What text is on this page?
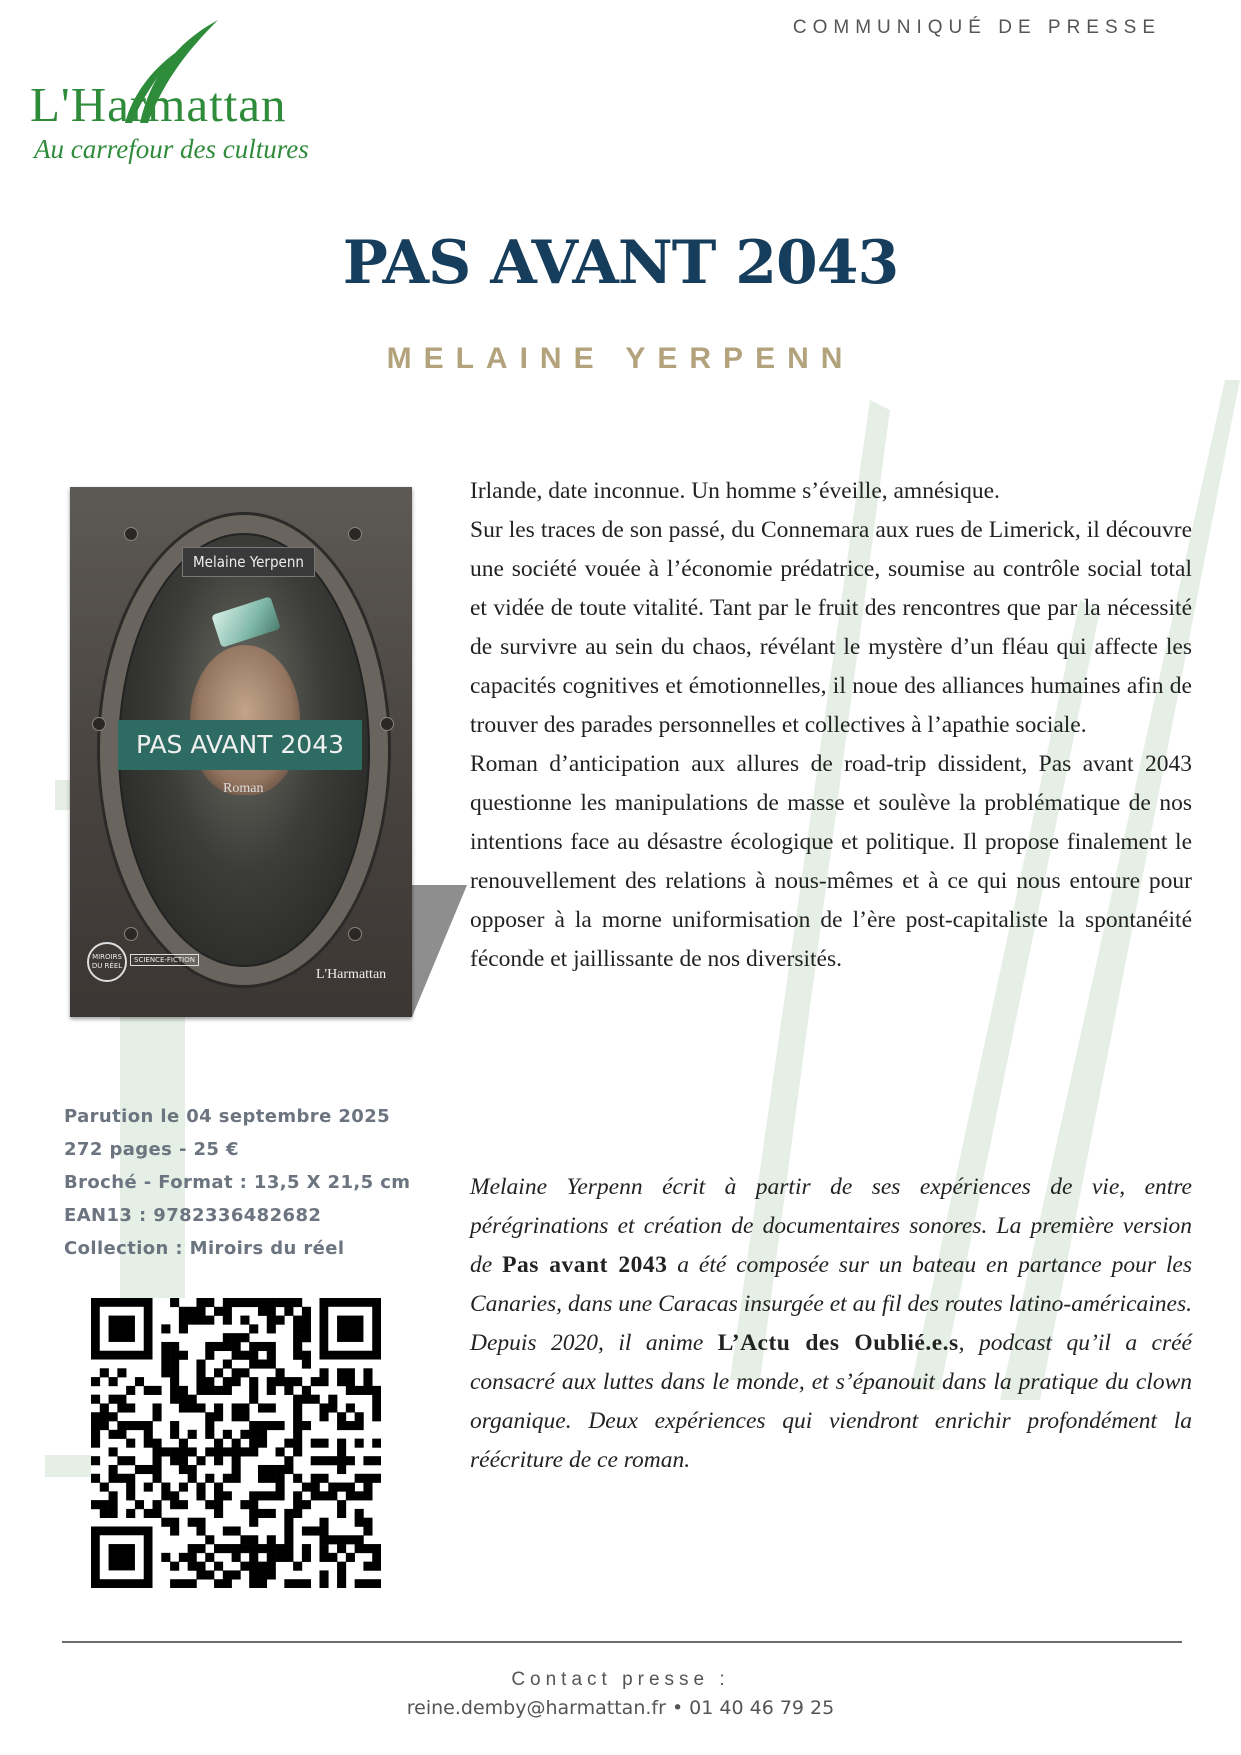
L'Harmattan
Au carrefour des cultures
COMMUNIQUÉ DE PRESSE
PAS AVANT 2043
MELAINE YERPENN
Melaine Yerpenn
PAS AVANT 2043
Roman
MIROIRS DU RÉEL
SCIENCE-FICTION
L'Harmattan
Parution le 04 septembre 2025
272 pages - 25 €
Broché - Format : 13,5 X 21,5 cm
EAN13 : 9782336482682
Collection : Miroirs du réel

Irlande, date inconnue. Un homme s’éveille, amnésique.

Sur les traces de son passé, du Connemara aux rues de Limerick, il découvre une société vouée à l’économie prédatrice, soumise au contrôle social total et vidée de toute vitalité. Tant par le fruit des rencontres que par la nécessité de survivre au sein du chaos, révélant le mystère d’un fléau qui affecte les capacités cognitives et émotionnelles, il noue des alliances humaines afin de trouver des parades personnelles et collectives à l’apathie sociale.

Roman d’anticipation aux allures de road-trip dissident, Pas avant 2043 questionne les manipulations de masse et soulève la problématique de nos intentions face au désastre écologique et politique. Il propose finalement le renouvellement des relations à nous-mêmes et à ce qui nous entoure pour opposer à la morne uniformisation de l’ère post-capitaliste la spontanéité féconde et jaillissante de nos diversités.

Melaine Yerpenn écrit à partir de ses expériences de vie, entre pérégrinations et création de documentaires sonores. La première version de Pas avant 2043 a été composée sur un bateau en partance pour les Canaries, dans une Caracas insurgée et au fil des routes latino-américaines. Depuis 2020, il anime L’Actu des Oublié.e.s, podcast qu’il a créé consacré aux luttes dans le monde, et s’épanouit dans la pratique du clown organique. Deux expériences qui viendront enrichir profondément la réécriture de ce roman.
Contact presse :
reine.demby@harmattan.fr • 01 40 46 79 25
